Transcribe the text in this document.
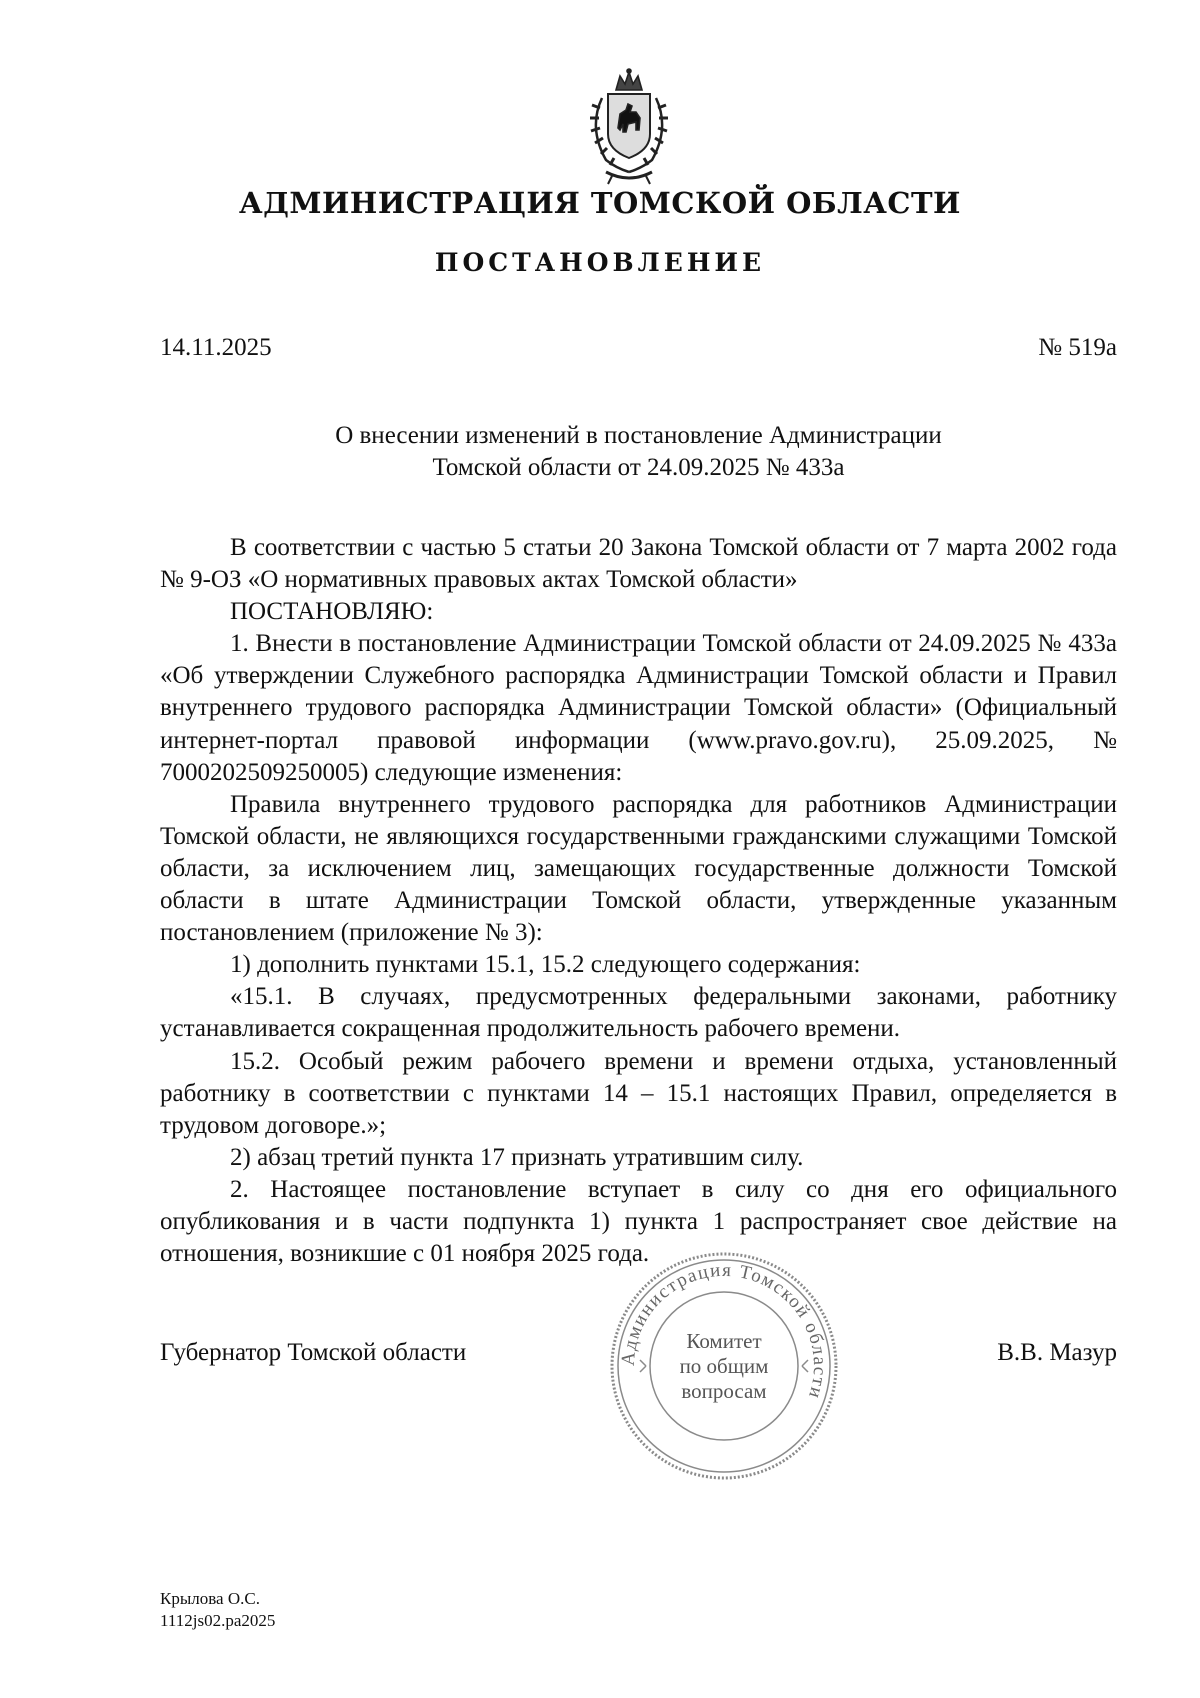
АДМИНИСТРАЦИЯ ТОМСКОЙ ОБЛАСТИ
ПОСТАНОВЛЕНИЕ
14.11.2025	№ 519а
О внесении изменений в постановление Администрации
Томской области от 24.09.2025 № 433а

В соответствии с частью 5 статьи 20 Закона Томской области от 7 марта 2002 года № 9-ОЗ «О нормативных правовых актах Томской области»

ПОСТАНОВЛЯЮ:

1. Внести в постановление Администрации Томской области от 24.09.2025 № 433а «Об утверждении Служебного распорядка Администрации Томской области и Правил внутреннего трудового распорядка Администрации Томской области» (Официальный интернет-портал правовой информации (www.pravo.gov.ru), 25.09.2025, № 7000202509250005) следующие изменения:

Правила внутреннего трудового распорядка для работников Администрации Томской области, не являющихся государственными гражданскими служащими Томской области, за исключением лиц, замещающих государственные должности Томской области в штате Администрации Томской области, утвержденные указанным постановлением (приложение № 3):

1) дополнить пунктами 15.1, 15.2 следующего содержания:

«15.1. В случаях, предусмотренных федеральными законами, работнику устанавливается сокращенная продолжительность рабочего времени.

15.2. Особый режим рабочего времени и времени отдыха, установленный работнику в соответствии с пунктами 14 – 15.1 настоящих Правил, определяется в трудовом договоре.»;

2) абзац третий пункта 17 признать утратившим силу.

2. Настоящее постановление вступает в силу со дня его официального опубликования и в части подпункта 1) пункта 1 распространяет свое действие на отношения, возникшие с 01 ноября 2025 года.

Администрация Томской области
Комитет
по общим
вопросам
Губернатор Томской области	В.В. Мазур
Крылова О.С.
1112js02.pa2025
